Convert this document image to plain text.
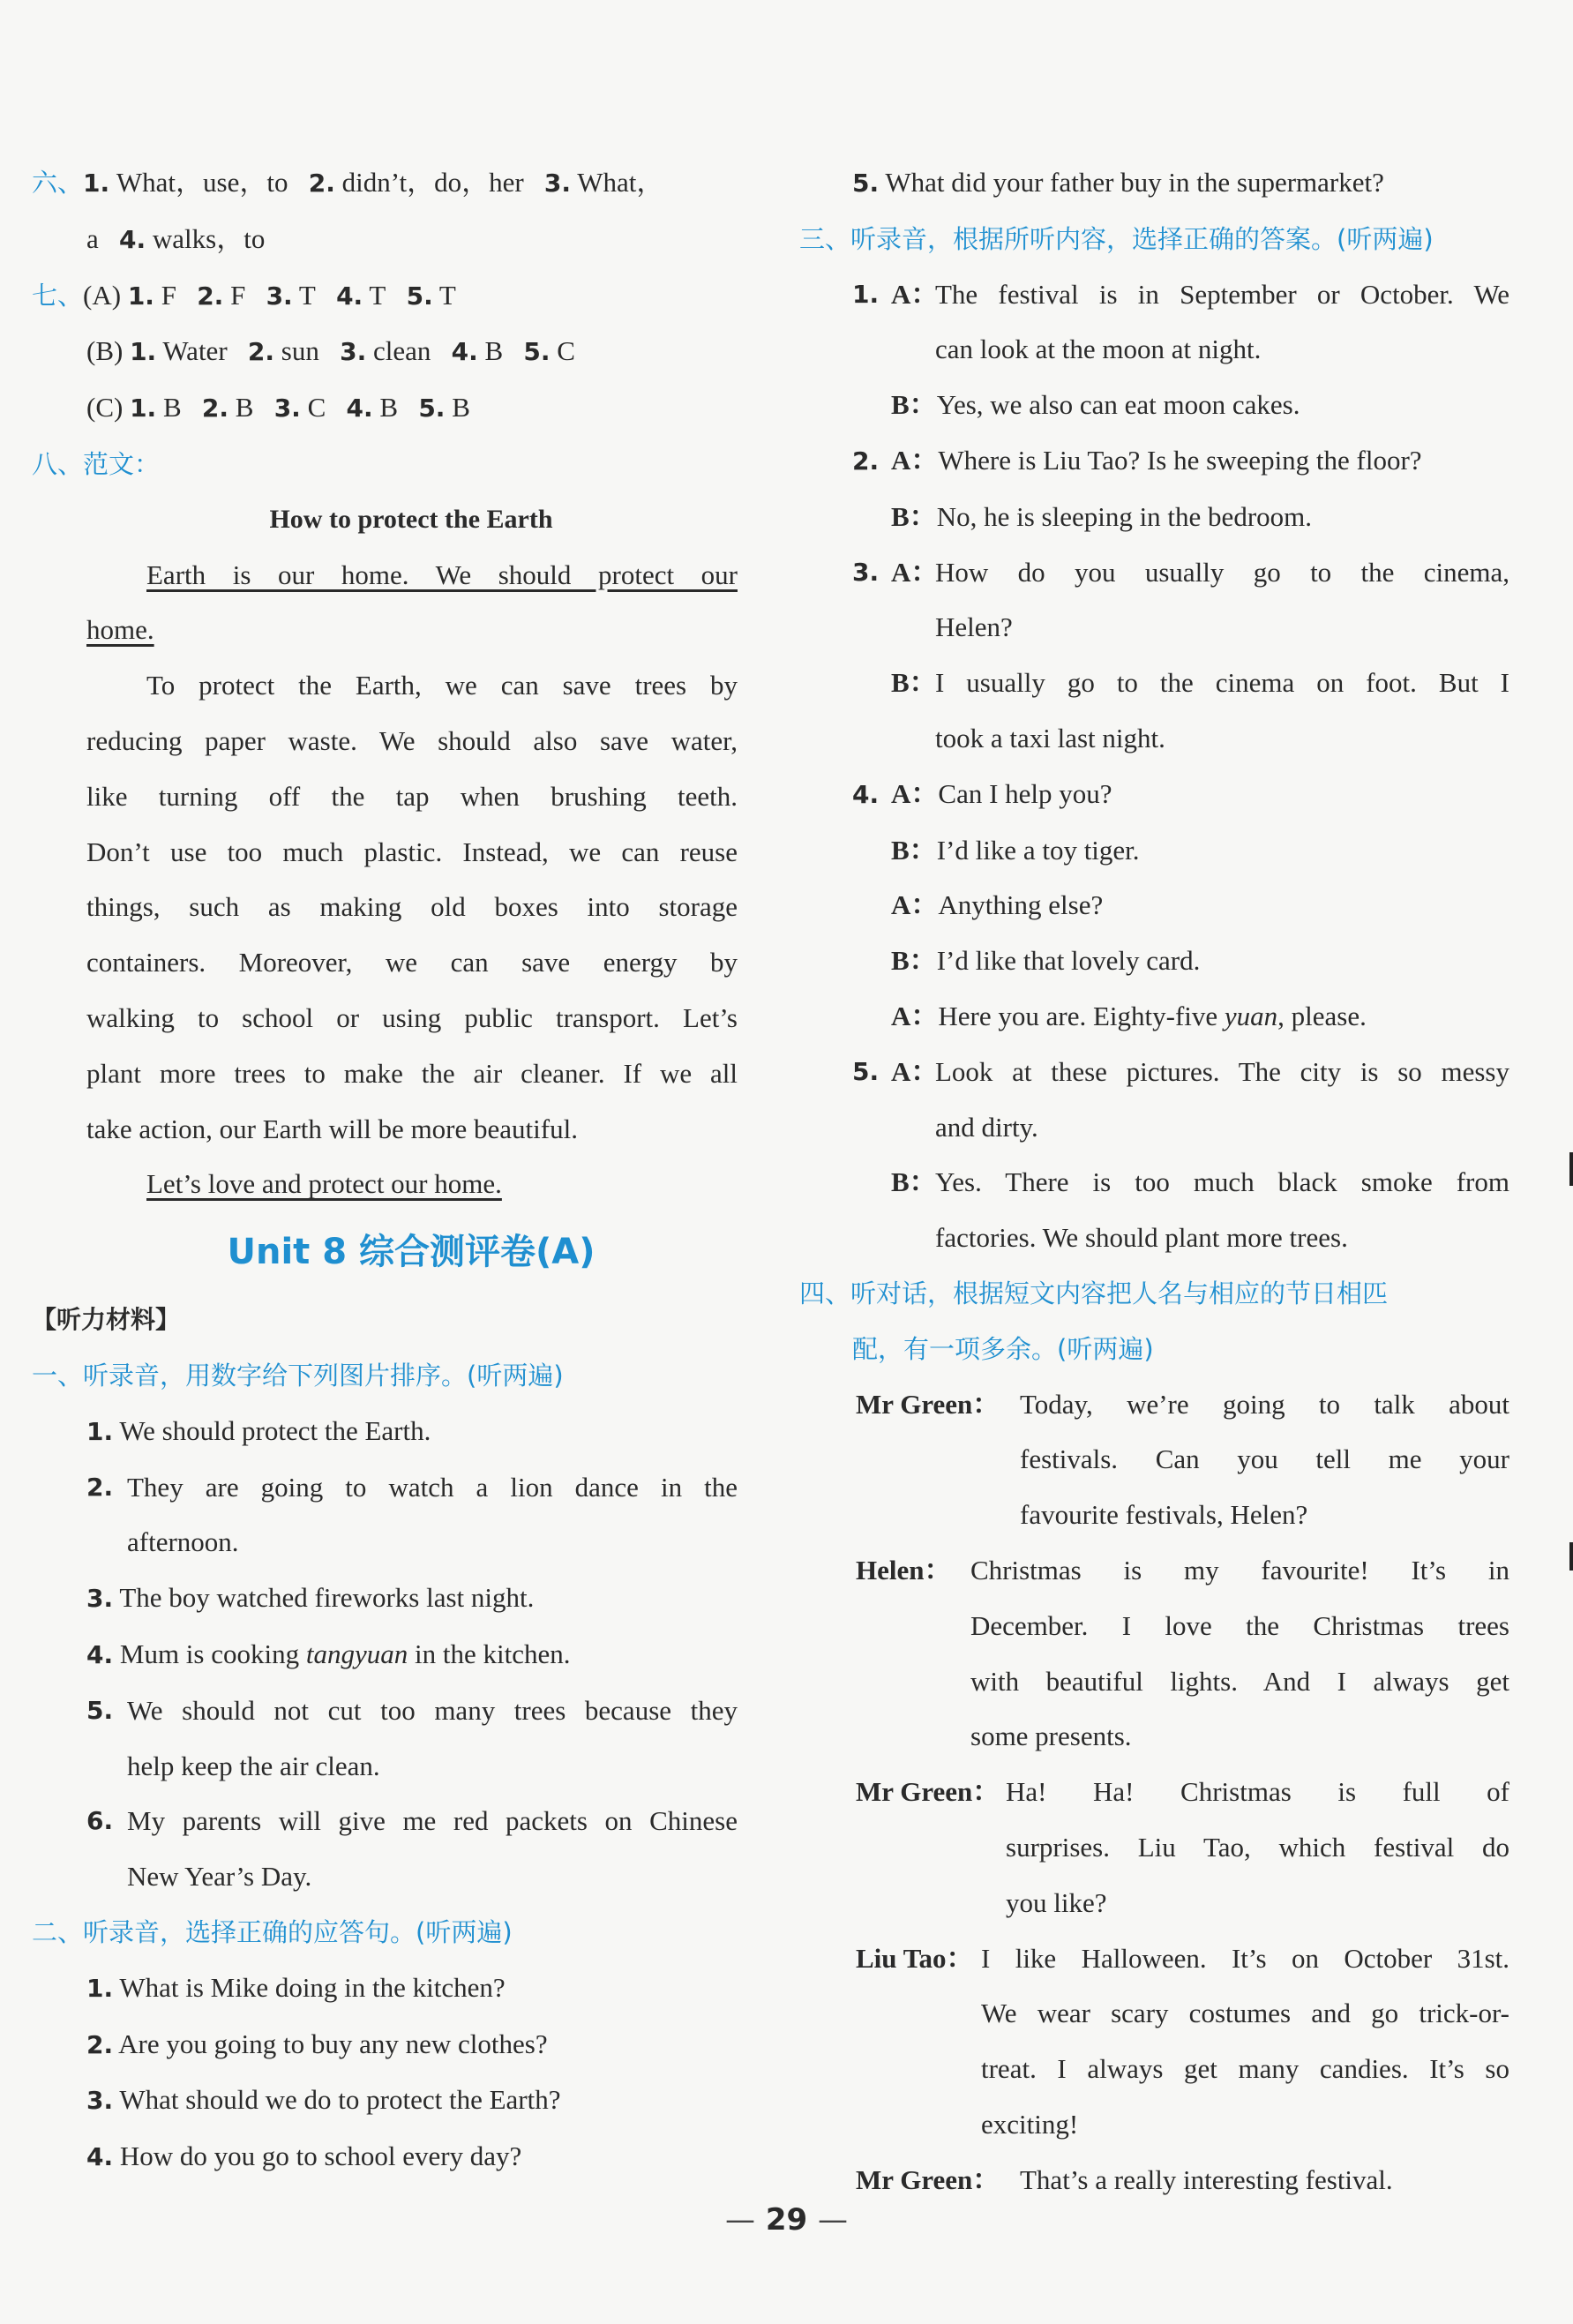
六、1. What，use，to 2. didn’t，do，her 3. What，
a 4. walks，to
七、(A) 1. F 2. F 3. T 4. T 5. T
(B) 1. Water 2. sun 3. clean 4. B 5. C
(C) 1. B 2. B 3. C 4. B 5. B
八、范文：
How to protect the Earth
Earth is our home. We should protect our
home.
To protect the Earth, we can save trees by
reducing paper waste. We should also save water,
like turning off the tap when brushing teeth.
Don’t use too much plastic. Instead, we can reuse
things, such as making old boxes into storage
containers. Moreover, we can save energy by
walking to school or using public transport. Let’s
plant more trees to make the air cleaner. If we all
take action, our Earth will be more beautiful.
Let’s love and protect our home.
Unit 8 综合测评卷(A)
【听力材料】
一、听录音，用数字给下列图片排序。(听两遍)
1. We should protect the Earth.
2. They are going to watch a lion dance in the
afternoon.
3. The boy watched fireworks last night.
4. Mum is cooking tangyuan in the kitchen.
5. We should not cut too many trees because they
help keep the air clean.
6. My parents will give me red packets on Chinese
New Year’s Day.
二、听录音，选择正确的应答句。(听两遍)
1. What is Mike doing in the kitchen?
2. Are you going to buy any new clothes?
3. What should we do to protect the Earth?
4. How do you go to school every day?
5. What did your father buy in the supermarket?
三、听录音，根据所听内容，选择正确的答案。(听两遍)
1. A：
The festival is in September or October. We
can look at the moon at night.
B：Yes, we also can eat moon cakes.
2. A：Where is Liu Tao? Is he sweeping the floor?
B：No, he is sleeping in the bedroom.
3. A：
How do you usually go to the cinema,
Helen?
B：
I usually go to the cinema on foot. But I
took a taxi last night.
4. A：Can I help you?
B：I’d like a toy tiger.
A：Anything else?
B：I’d like that lovely card.
A：Here you are. Eighty-five yuan, please.
5. A：
Look at these pictures. The city is so messy
and dirty.
B：
Yes. There is too much black smoke from
factories. We should plant more trees.
四、听对话，根据短文内容把人名与相应的节日相匹
配，有一项多余。(听两遍)
Mr Green： Today, we’re going to talk about
festivals. Can you tell me your
favourite festivals, Helen?
Helen： Christmas is my favourite! It’s in
December. I love the Christmas trees
with beautiful lights. And I always get
some presents.
Mr Green： Ha! Ha! Christmas is full of
surprises. Liu Tao, which festival do
you like?
Liu Tao： I like Halloween. It’s on October 31st.
We wear scary costumes and go trick-or-
treat. I always get many candies. It’s so
exciting!
Mr Green： That’s a really interesting festival.
— 29 —
